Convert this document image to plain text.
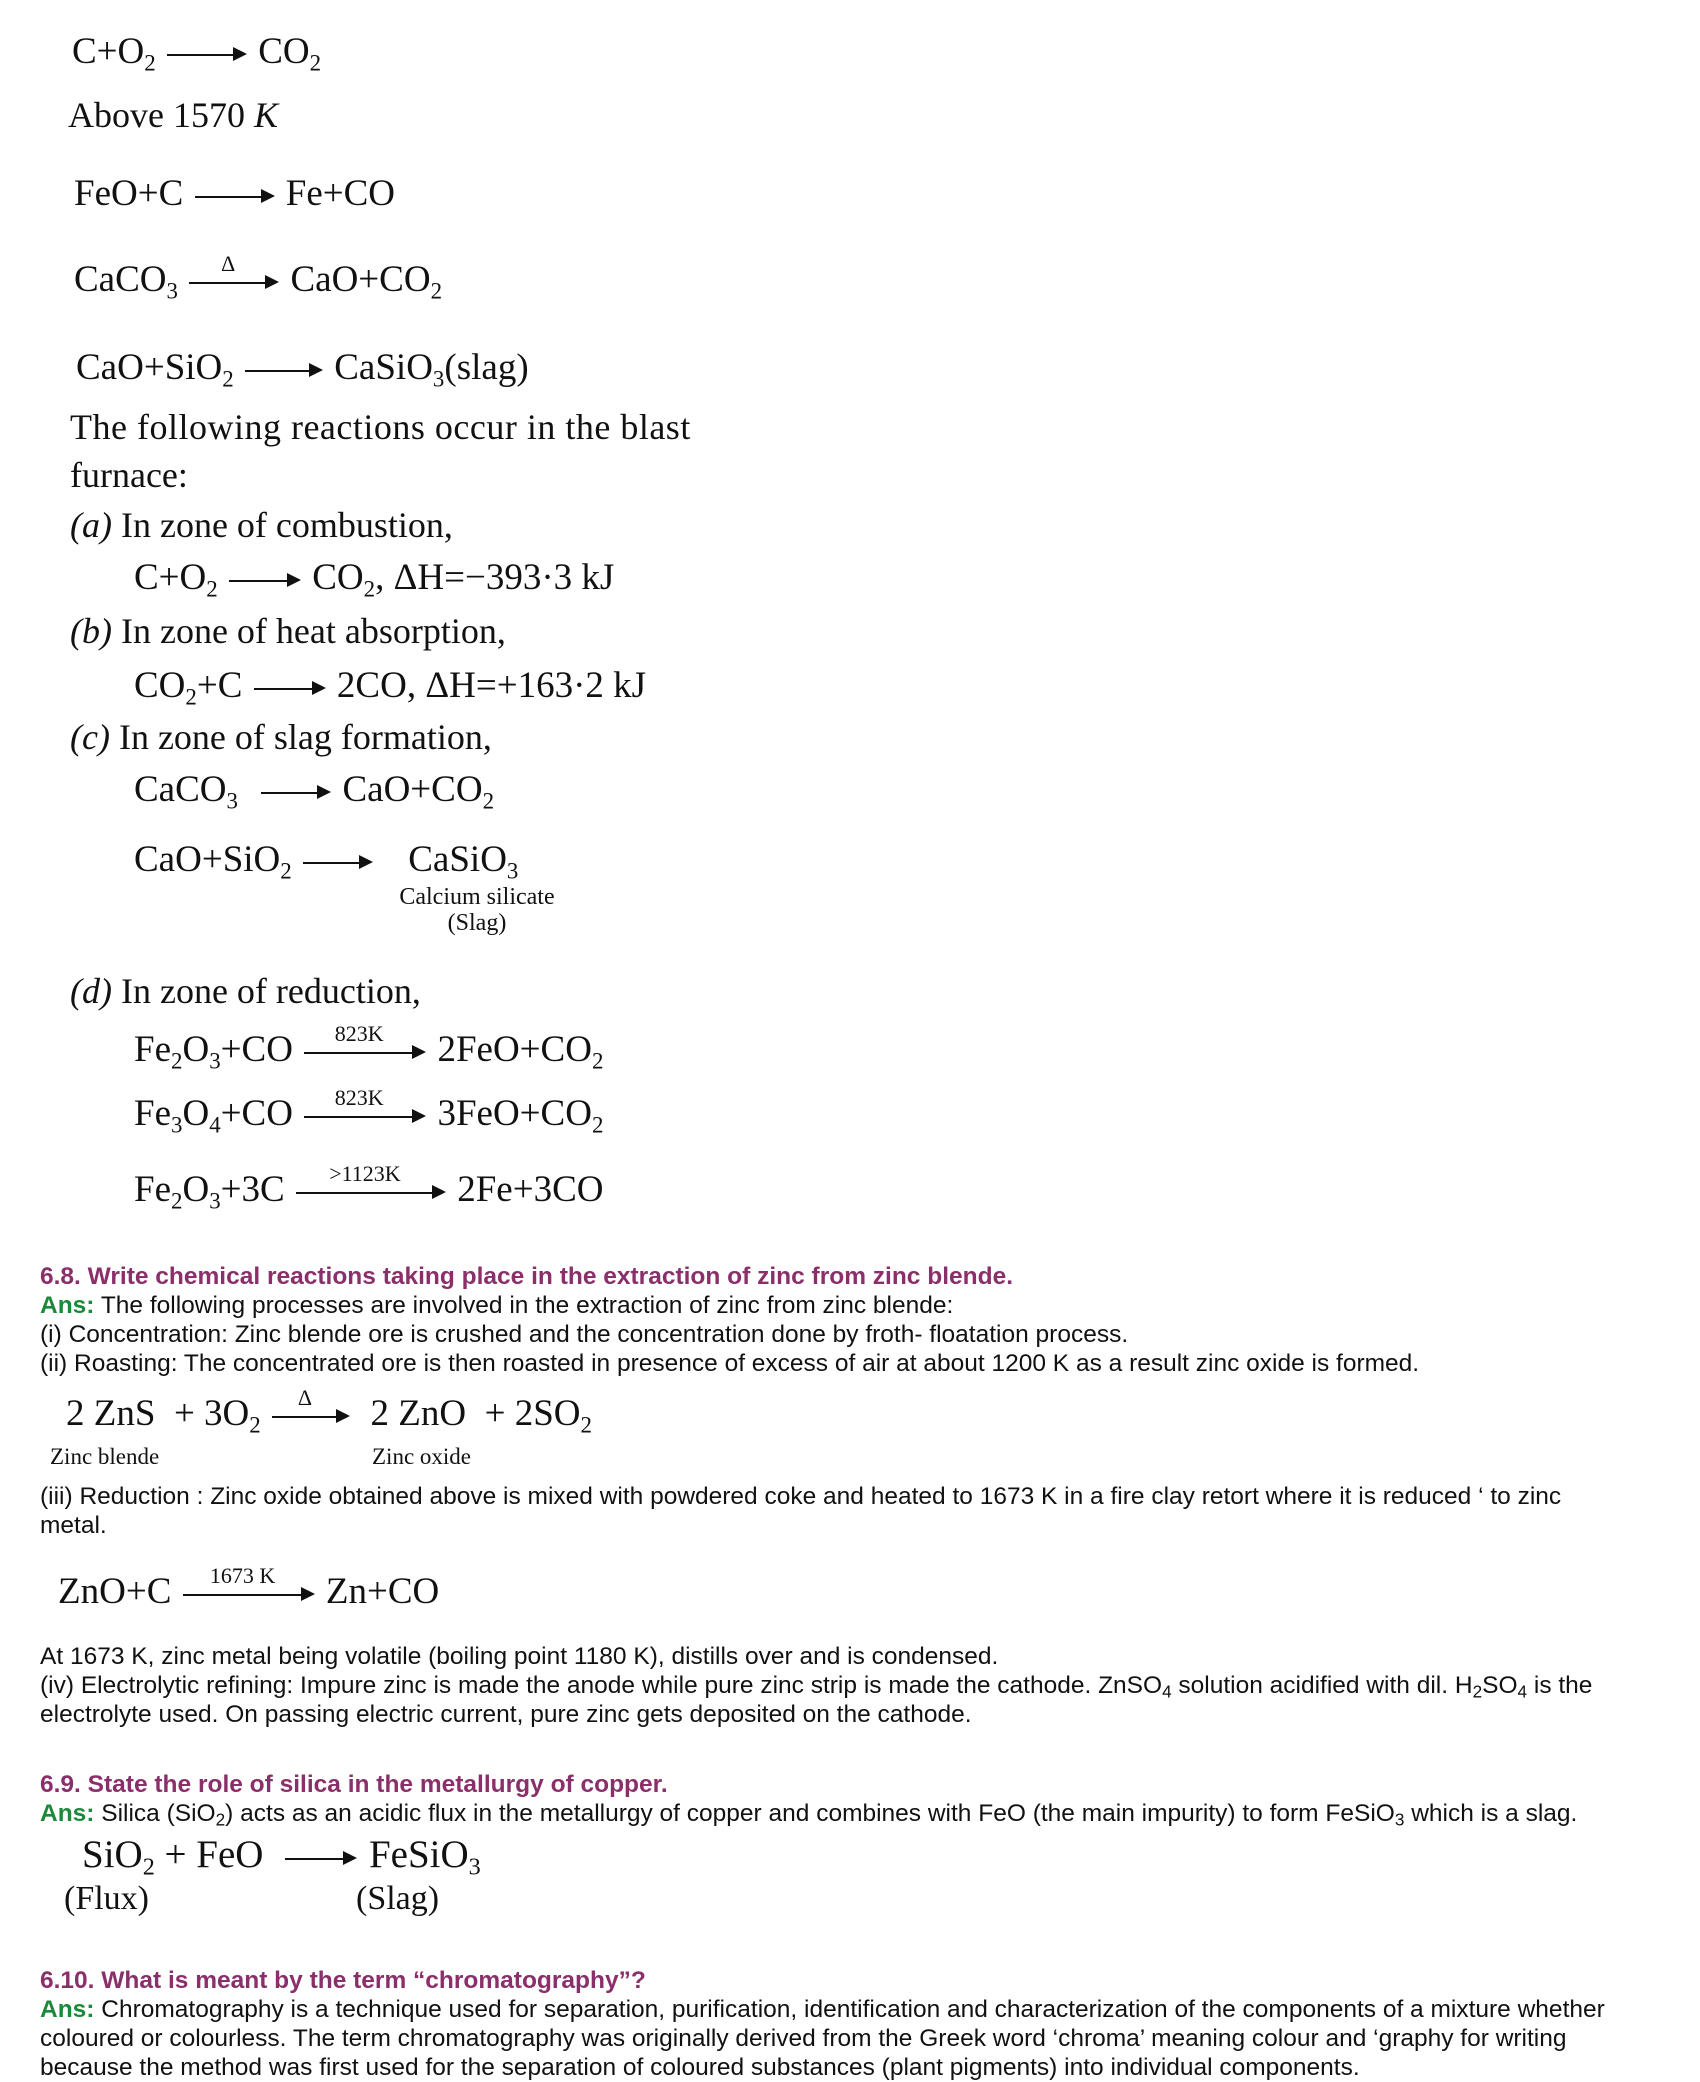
$C+O_2$	$CO_2$
Above 1570 K
FeO+C	Fe+CO
CaCO$_3$
Δ	$CaO+CO_2$
CaO+SiO$_2$	CaSiO$_3$(slag)
The following reactions occur in the blast
furnace:
(a) In zone of combustion,
$C+O_2$	$CO_2$, ΔH=−393·3 kJ
(b) In zone of heat absorption,
$CO_2+C$	2CO, ΔH=+163·2 kJ
(c) In zone of slag formation,
CaCO$_3$	$CaO+CO_2$
CaO+SiO$_2$	CaSiO$_3$
Calcium silicate
(Slag)
(d) In zone of reduction,
$Fe_2O_3+CO$	823K	$2FeO+CO_2$
$Fe_3O_4+CO$	823K	$3FeO+CO_2$
$Fe_2O_3+3C$	>1123K	2Fe+3CO
6.8. Write chemical reactions taking place in the extraction of zinc from zinc blende.
Ans: The following processes are involved in the extraction of zinc from zinc blende:
(i) Concentration: Zinc blende ore is crushed and the concentration done by froth- floatation process.
(ii) Roasting: The concentrated ore is then roasted in presence of excess of air at about 1200 K as a result zinc oxide is formed.
2 ZnS + $3O_2$
Δ	2 ZnO + $2SO_2$
Zinc blende	Zinc oxide
(iii) Reduction : Zinc oxide obtained above is mixed with powdered coke and heated to 1673 K in a fire clay retort where it is reduced ‘ to zinc
metal.
ZnO+C	1673 K	Zn+CO
At 1673 K, zinc metal being volatile (boiling point 1180 K), distills over and is condensed.
(iv) Electrolytic refining: Impure zinc is made the anode while pure zinc strip is made the cathode. ZnSO4 solution acidified with dil. H2SO4 is the
electrolyte used. On passing electric current, pure zinc gets deposited on the cathode.
6.9. State the role of silica in the metallurgy of copper.
Ans: Silica (SiO2) acts as an acidic flux in the metallurgy of copper and combines with FeO (the main impurity) to form FeSiO3 which is a slag.
SiO$_2$ + FeO	FeSiO$_3$
(Flux)	(Slag)
6.10. What is meant by the term “chromatography”?
Ans: Chromatography is a technique used for separation, purification, identification and characterization of the components of a mixture whether
coloured or colourless. The term chromatography was originally derived from the Greek word ‘chroma’ meaning colour and ‘graphy for writing
because the method was first used for the separation of coloured substances (plant pigments) into individual components.
